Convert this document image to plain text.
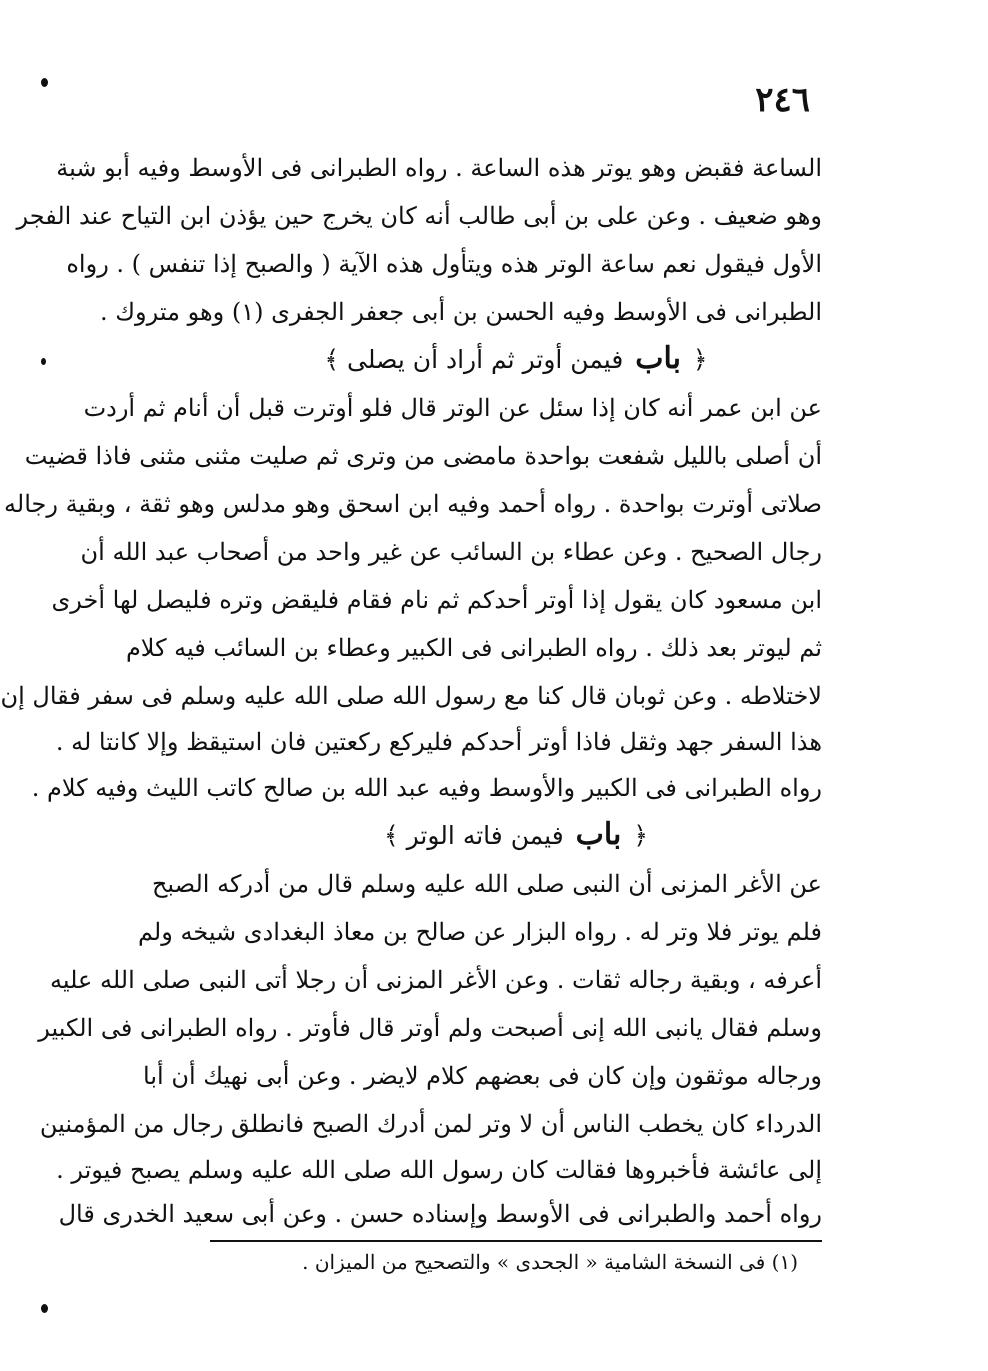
٢٤٦
الساعة فقبض وهو يوتر هذه الساعة . رواه الطبرانى فى الأوسط وفيه أبو شبة
وهو ضعيف . وعن على بن أبى طالب أنه كان يخرج حين يؤذن ابن التياح عند الفجر
الأول فيقول نعم ساعة الوتر هذه ويتأول هذه الآية ( والصبح إذا تنفس ) . رواه
الطبرانى فى الأوسط وفيه الحسن بن أبى جعفر الجفرى (١) وهو متروك .
﴿ باب فيمن أوتر ثم أراد أن يصلى ﴾
عن ابن عمر أنه كان إذا سئل عن الوتر قال فلو أوترت قبل أن أنام ثم أردت
أن أصلى بالليل شفعت بواحدة مامضى من وترى ثم صليت مثنى مثنى فاذا قضيت
صلاتى أوترت بواحدة . رواه أحمد وفيه ابن اسحق وهو مدلس وهو ثقة ، وبقية رجاله
رجال الصحيح . وعن عطاء بن السائب عن غير واحد من أصحاب عبد الله أن
ابن مسعود كان يقول إذا أوتر أحدكم ثم نام فقام فليقض وتره فليصل لها أخرى
ثم ليوتر بعد ذلك . رواه الطبرانى فى الكبير وعطاء بن السائب فيه كلام
لاختلاطه . وعن ثوبان قال كنا مع رسول الله صلى الله عليه وسلم فى سفر فقال إن
هذا السفر جهد وثقل فاذا أوتر أحدكم فليركع ركعتين فان استيقظ وإلا كانتا له .
رواه الطبرانى فى الكبير والأوسط وفيه عبد الله بن صالح كاتب الليث وفيه كلام .
﴿ باب فيمن فاته الوتر ﴾
عن الأغر المزنى أن النبى صلى الله عليه وسلم قال من أدركه الصبح
فلم يوتر فلا وتر له . رواه البزار عن صالح بن معاذ البغدادى شيخه ولم
أعرفه ، وبقية رجاله ثقات . وعن الأغر المزنى أن رجلا أتى النبى صلى الله عليه
وسلم فقال يانبى الله إنى أصبحت ولم أوتر قال فأوتر . رواه الطبرانى فى الكبير
ورجاله موثقون وإن كان فى بعضهم كلام لايضر . وعن أبى نهيك أن أبا
الدرداء كان يخطب الناس أن لا وتر لمن أدرك الصبح فانطلق رجال من المؤمنين
إلى عائشة فأخبروها فقالت كان رسول الله صلى الله عليه وسلم يصبح فيوتر .
رواه أحمد والطبرانى فى الأوسط وإسناده حسن . وعن أبى سعيد الخدرى قال
(١) فى النسخة الشامية « الجحدى » والتصحيح من الميزان .
